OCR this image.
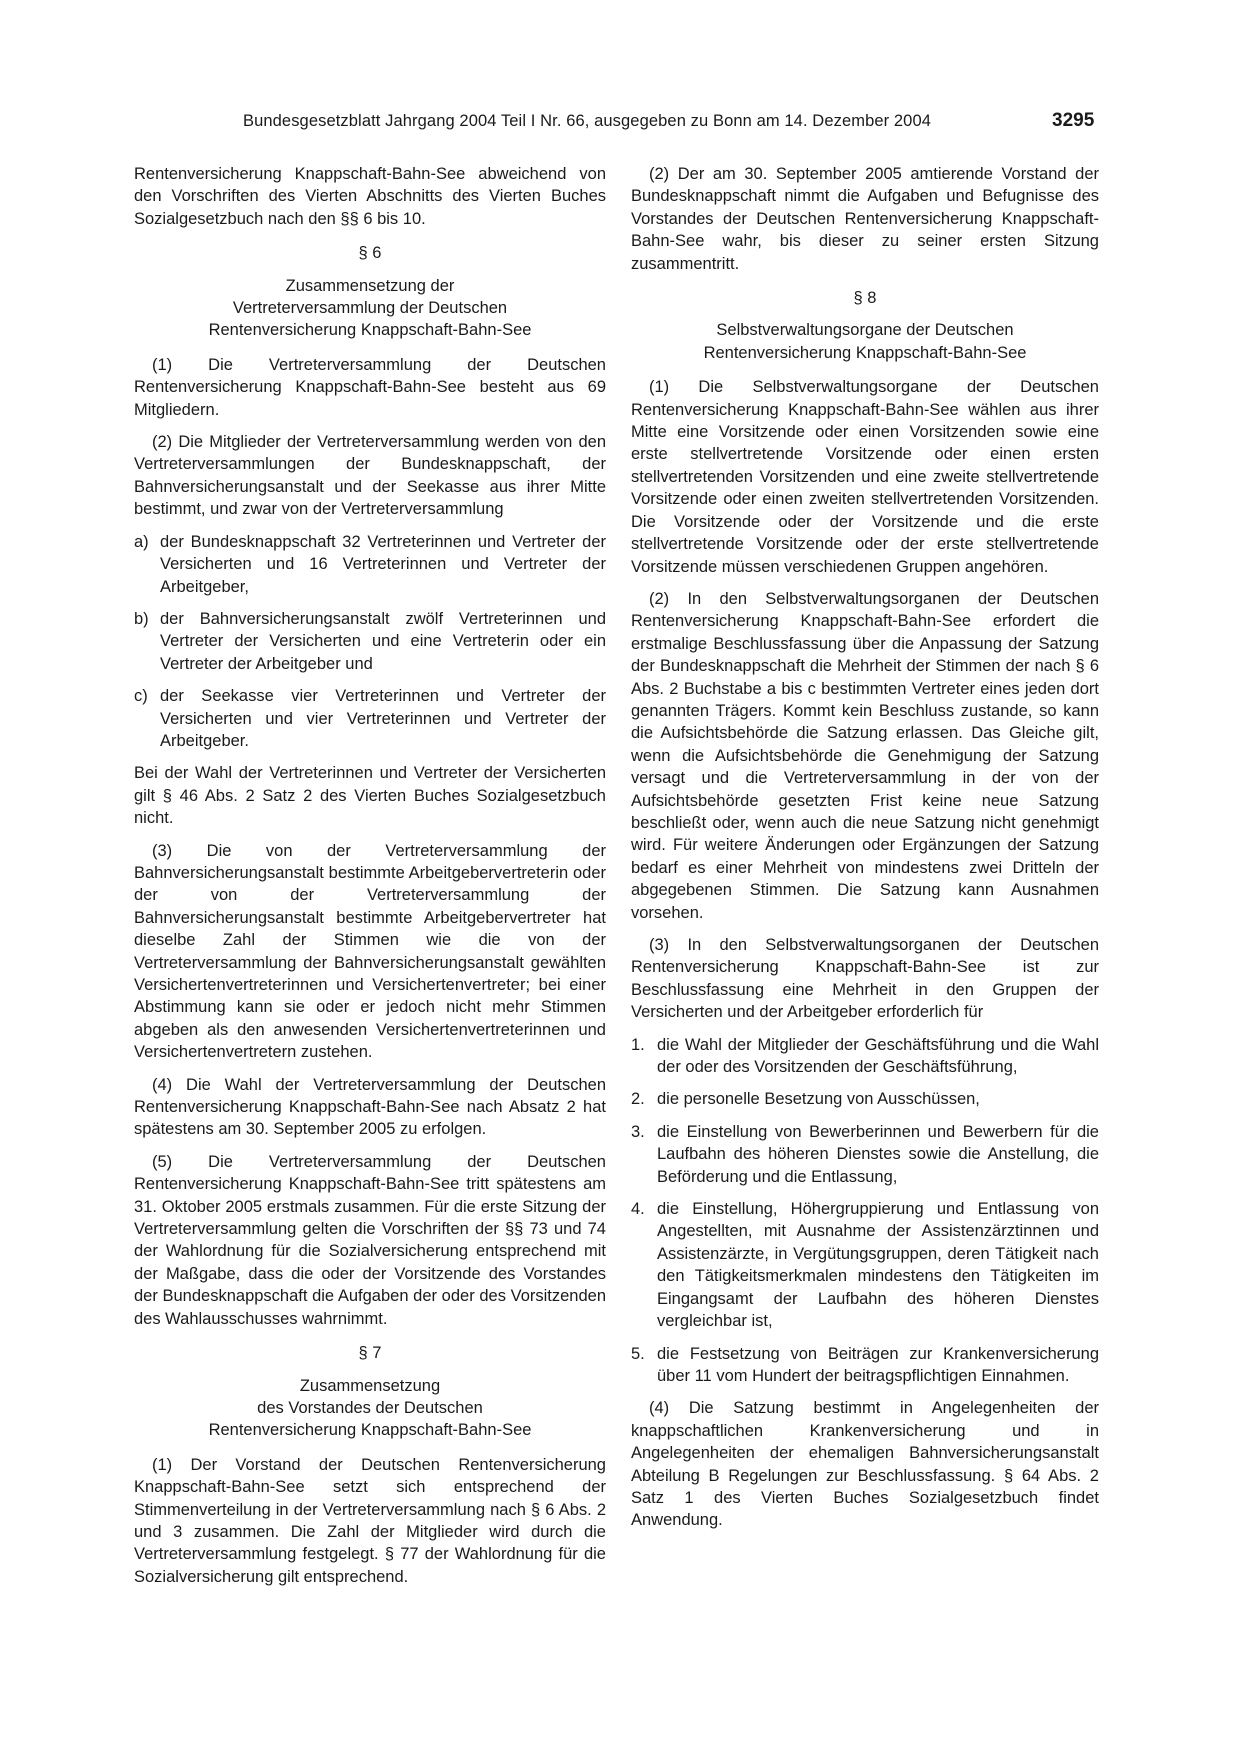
Bundesgesetzblatt Jahrgang 2004 Teil I Nr. 66, ausgegeben zu Bonn am 14. Dezember 2004	3295

Rentenversicherung Knappschaft-Bahn-See abweichend von den Vorschriften des Vierten Abschnitts des Vierten Buches Sozialgesetzbuch nach den §§ 6 bis 10.

§ 6
Zusammensetzung der
Vertreterversammlung der Deutschen
Rentenversicherung Knappschaft-Bahn-See

(1) Die Vertreterversammlung der Deutschen Rentenversicherung Knappschaft-Bahn-See besteht aus 69 Mitgliedern.

(2) Die Mitglieder der Vertreterversammlung werden von den Vertreterversammlungen der Bundesknappschaft, der Bahnversicherungsanstalt und der Seekasse aus ihrer Mitte bestimmt, und zwar von der Vertreterversammlung

a) der Bundesknappschaft 32 Vertreterinnen und Vertreter der Versicherten und 16 Vertreterinnen und Vertreter der Arbeitgeber,
b) der Bahnversicherungsanstalt zwölf Vertreterinnen und Vertreter der Versicherten und eine Vertreterin oder ein Vertreter der Arbeitgeber und
c) der Seekasse vier Vertreterinnen und Vertreter der Versicherten und vier Vertreterinnen und Vertreter der Arbeitgeber.

Bei der Wahl der Vertreterinnen und Vertreter der Versicherten gilt § 46 Abs. 2 Satz 2 des Vierten Buches Sozialgesetzbuch nicht.

(3) Die von der Vertreterversammlung der Bahnversicherungsanstalt bestimmte Arbeitgebervertreterin oder der von der Vertreterversammlung der Bahnversicherungsanstalt bestimmte Arbeitgebervertreter hat dieselbe Zahl der Stimmen wie die von der Vertreterversammlung der Bahnversicherungsanstalt gewählten Versichertenvertreterinnen und Versichertenvertreter; bei einer Abstimmung kann sie oder er jedoch nicht mehr Stimmen abgeben als den anwesenden Versichertenvertreterinnen und Versichertenvertretern zustehen.

(4) Die Wahl der Vertreterversammlung der Deutschen Rentenversicherung Knappschaft-Bahn-See nach Absatz 2 hat spätestens am 30. September 2005 zu erfolgen.

(5) Die Vertreterversammlung der Deutschen Rentenversicherung Knappschaft-Bahn-See tritt spätestens am 31. Oktober 2005 erstmals zusammen. Für die erste Sitzung der Vertreterversammlung gelten die Vorschriften der §§ 73 und 74 der Wahlordnung für die Sozialversicherung entsprechend mit der Maßgabe, dass die oder der Vorsitzende des Vorstandes der Bundesknappschaft die Aufgaben der oder des Vorsitzenden des Wahlausschusses wahrnimmt.

§ 7
Zusammensetzung
des Vorstandes der Deutschen
Rentenversicherung Knappschaft-Bahn-See

(1) Der Vorstand der Deutschen Rentenversicherung Knappschaft-Bahn-See setzt sich entsprechend der Stimmenverteilung in der Vertreterversammlung nach § 6 Abs. 2 und 3 zusammen. Die Zahl der Mitglieder wird durch die Vertreterversammlung festgelegt. § 77 der Wahlordnung für die Sozialversicherung gilt entsprechend.

(2) Der am 30. September 2005 amtierende Vorstand der Bundesknappschaft nimmt die Aufgaben und Befugnisse des Vorstandes der Deutschen Rentenversicherung Knappschaft-Bahn-See wahr, bis dieser zu seiner ersten Sitzung zusammentritt.

§ 8
Selbstverwaltungsorgane der Deutschen
Rentenversicherung Knappschaft-Bahn-See

(1) Die Selbstverwaltungsorgane der Deutschen Rentenversicherung Knappschaft-Bahn-See wählen aus ihrer Mitte eine Vorsitzende oder einen Vorsitzenden sowie eine erste stellvertretende Vorsitzende oder einen ersten stellvertretenden Vorsitzenden und eine zweite stellvertretende Vorsitzende oder einen zweiten stellvertretenden Vorsitzenden. Die Vorsitzende oder der Vorsitzende und die erste stellvertretende Vorsitzende oder der erste stellvertretende Vorsitzende müssen verschiedenen Gruppen angehören.

(2) In den Selbstverwaltungsorganen der Deutschen Rentenversicherung Knappschaft-Bahn-See erfordert die erstmalige Beschlussfassung über die Anpassung der Satzung der Bundesknappschaft die Mehrheit der Stimmen der nach § 6 Abs. 2 Buchstabe a bis c bestimmten Vertreter eines jeden dort genannten Trägers. Kommt kein Beschluss zustande, so kann die Aufsichtsbehörde die Satzung erlassen. Das Gleiche gilt, wenn die Aufsichtsbehörde die Genehmigung der Satzung versagt und die Vertreterversammlung in der von der Aufsichtsbehörde gesetzten Frist keine neue Satzung beschließt oder, wenn auch die neue Satzung nicht genehmigt wird. Für weitere Änderungen oder Ergänzungen der Satzung bedarf es einer Mehrheit von mindestens zwei Dritteln der abgegebenen Stimmen. Die Satzung kann Ausnahmen vorsehen.

(3) In den Selbstverwaltungsorganen der Deutschen Rentenversicherung Knappschaft-Bahn-See ist zur Beschlussfassung eine Mehrheit in den Gruppen der Versicherten und der Arbeitgeber erforderlich für

1. die Wahl der Mitglieder der Geschäftsführung und die Wahl der oder des Vorsitzenden der Geschäftsführung,
2. die personelle Besetzung von Ausschüssen,
3. die Einstellung von Bewerberinnen und Bewerbern für die Laufbahn des höheren Dienstes sowie die Anstellung, die Beförderung und die Entlassung,
4. die Einstellung, Höhergruppierung und Entlassung von Angestellten, mit Ausnahme der Assistenzärztinnen und Assistenzärzte, in Vergütungsgruppen, deren Tätigkeit nach den Tätigkeitsmerkmalen mindestens den Tätigkeiten im Eingangsamt der Laufbahn des höheren Dienstes vergleichbar ist,
5. die Festsetzung von Beiträgen zur Krankenversicherung über 11 vom Hundert der beitragspflichtigen Einnahmen.

(4) Die Satzung bestimmt in Angelegenheiten der knappschaftlichen Krankenversicherung und in Angelegenheiten der ehemaligen Bahnversicherungsanstalt Abteilung B Regelungen zur Beschlussfassung. § 64 Abs. 2 Satz 1 des Vierten Buches Sozialgesetzbuch findet Anwendung.
